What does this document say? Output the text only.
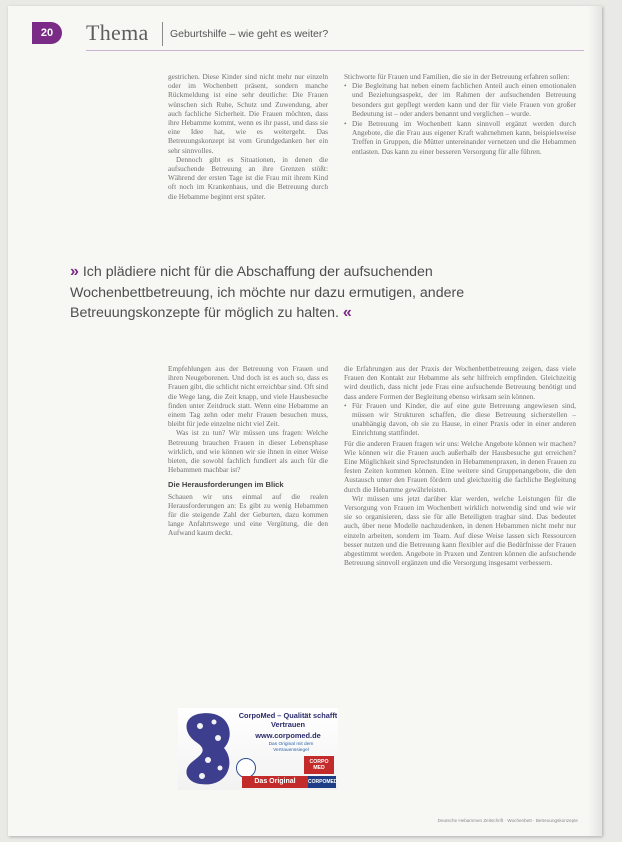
20	Thema Geburtshilfe – wie geht es weiter?

gestrichen. Diese Kinder sind nicht mehr nur einzeln oder im Wochenbett präsent, sondern manche Rückmeldung ist eine sehr deutliche: Die Frauen wünschen sich Ruhe, Schutz und Zuwendung, aber auch fachliche Sicherheit. Die Frauen möchten, dass ihre Hebamme kommt, wenn es ihr passt, und dass sie eine Idee hat, wie es weitergeht. Das Betreuungskonzept ist vom Grundgedanken her ein sehr sinnvolles.

Dennoch gibt es Situationen, in denen die aufsuchende Betreuung an ihre Grenzen stößt: Während der ersten Tage ist die Frau mit ihrem Kind oft noch im Krankenhaus, und die Betreuung durch die Hebamme beginnt erst später.

Stichworte für Frauen und Familien, die sie in der Betreuung erfahren sollen:

• Die Begleitung hat neben einem fachlichen Anteil auch einen emotionalen und Beziehungsaspekt, der im Rahmen der aufsuchenden Betreuung besonders gut gepflegt werden kann und der für viele Frauen von großer Bedeutung ist – oder anders benannt und verglichen – wurde.
• Die Betreuung im Wochenbett kann sinnvoll ergänzt werden durch Angebote, die die Frau aus eigener Kraft wahrnehmen kann, beispielsweise Treffen in Gruppen, die Mütter untereinander vernetzen und die Hebammen entlasten. Das kann zu einer besseren Versorgung für alle führen.
» Ich plädiere nicht für die Abschaffung der aufsuchenden Wochenbettbetreuung, ich möchte nur dazu ermutigen, andere Betreuungskonzepte für möglich zu halten. «

Empfehlungen aus der Betreuung von Frauen und ihren Neugeborenen. Und doch ist es auch so, dass es Frauen gibt, die schlicht nicht erreichbar sind. Oft sind die Wege lang, die Zeit knapp, und viele Hausbesuche finden unter Zeitdruck statt. Wenn eine Hebamme an einem Tag zehn oder mehr Frauen besuchen muss, bleibt für jede einzelne nicht viel Zeit.

Was ist zu tun? Wir müssen uns fragen: Welche Betreuung brauchen Frauen in dieser Lebensphase wirklich, und wie können wir sie ihnen in einer Weise bieten, die sowohl fachlich fundiert als auch für die Hebammen machbar ist?

Die Herausforderungen im Blick

Schauen wir uns einmal auf die realen Herausforderungen an: Es gibt zu wenig Hebammen für die steigende Zahl der Geburten, dazu kommen lange Anfahrtswege und eine Vergütung, die den Aufwand kaum deckt.

die Erfahrungen aus der Praxis der Wochenbettbetreuung zeigen, dass viele Frauen den Kontakt zur Hebamme als sehr hilfreich empfinden. Gleichzeitig wird deutlich, dass nicht jede Frau eine aufsuchende Betreuung benötigt und dass andere Formen der Begleitung ebenso wirksam sein können.

• Für Frauen und Kinder, die auf eine gute Betreuung angewiesen sind, müssen wir Strukturen schaffen, die diese Betreuung sicherstellen – unabhängig davon, ob sie zu Hause, in einer Praxis oder in einer anderen Einrichtung stattfindet.

Für die anderen Frauen fragen wir uns: Welche Angebote können wir machen? Wie können wir die Frauen auch außerhalb der Hausbesuche gut erreichen? Eine Möglichkeit sind Sprechstunden in Hebammenpraxen, in denen Frauen zu festen Zeiten kommen können. Eine weitere sind Gruppenangebote, die den Austausch unter den Frauen fördern und gleichzeitig die fachliche Begleitung durch die Hebamme gewährleisten.

Wir müssen uns jetzt darüber klar werden, welche Leistungen für die Versorgung von Frauen im Wochenbett wirklich notwendig sind und wie wir sie so organisieren, dass sie für alle Beteiligten tragbar sind. Das bedeutet auch, über neue Modelle nachzudenken, in denen Hebammen nicht mehr nur einzeln arbeiten, sondern im Team. Auf diese Weise lassen sich Ressourcen besser nutzen und die Betreuung kann flexibler auf die Bedürfnisse der Frauen abgestimmt werden. Angebote in Praxen und Zentren können die aufsuchende Betreuung sinnvoll ergänzen und die Versorgung insgesamt verbessern.

CorpoMed – Qualität schafft Vertrauen
www.corpomed.de
Das Original mit dem Vertrauenssiegel
CORPO MED
Das Original	CORPOMED
Deutsche Hebammen Zeitschrift · Wochenbett · Betreuungskonzepte
